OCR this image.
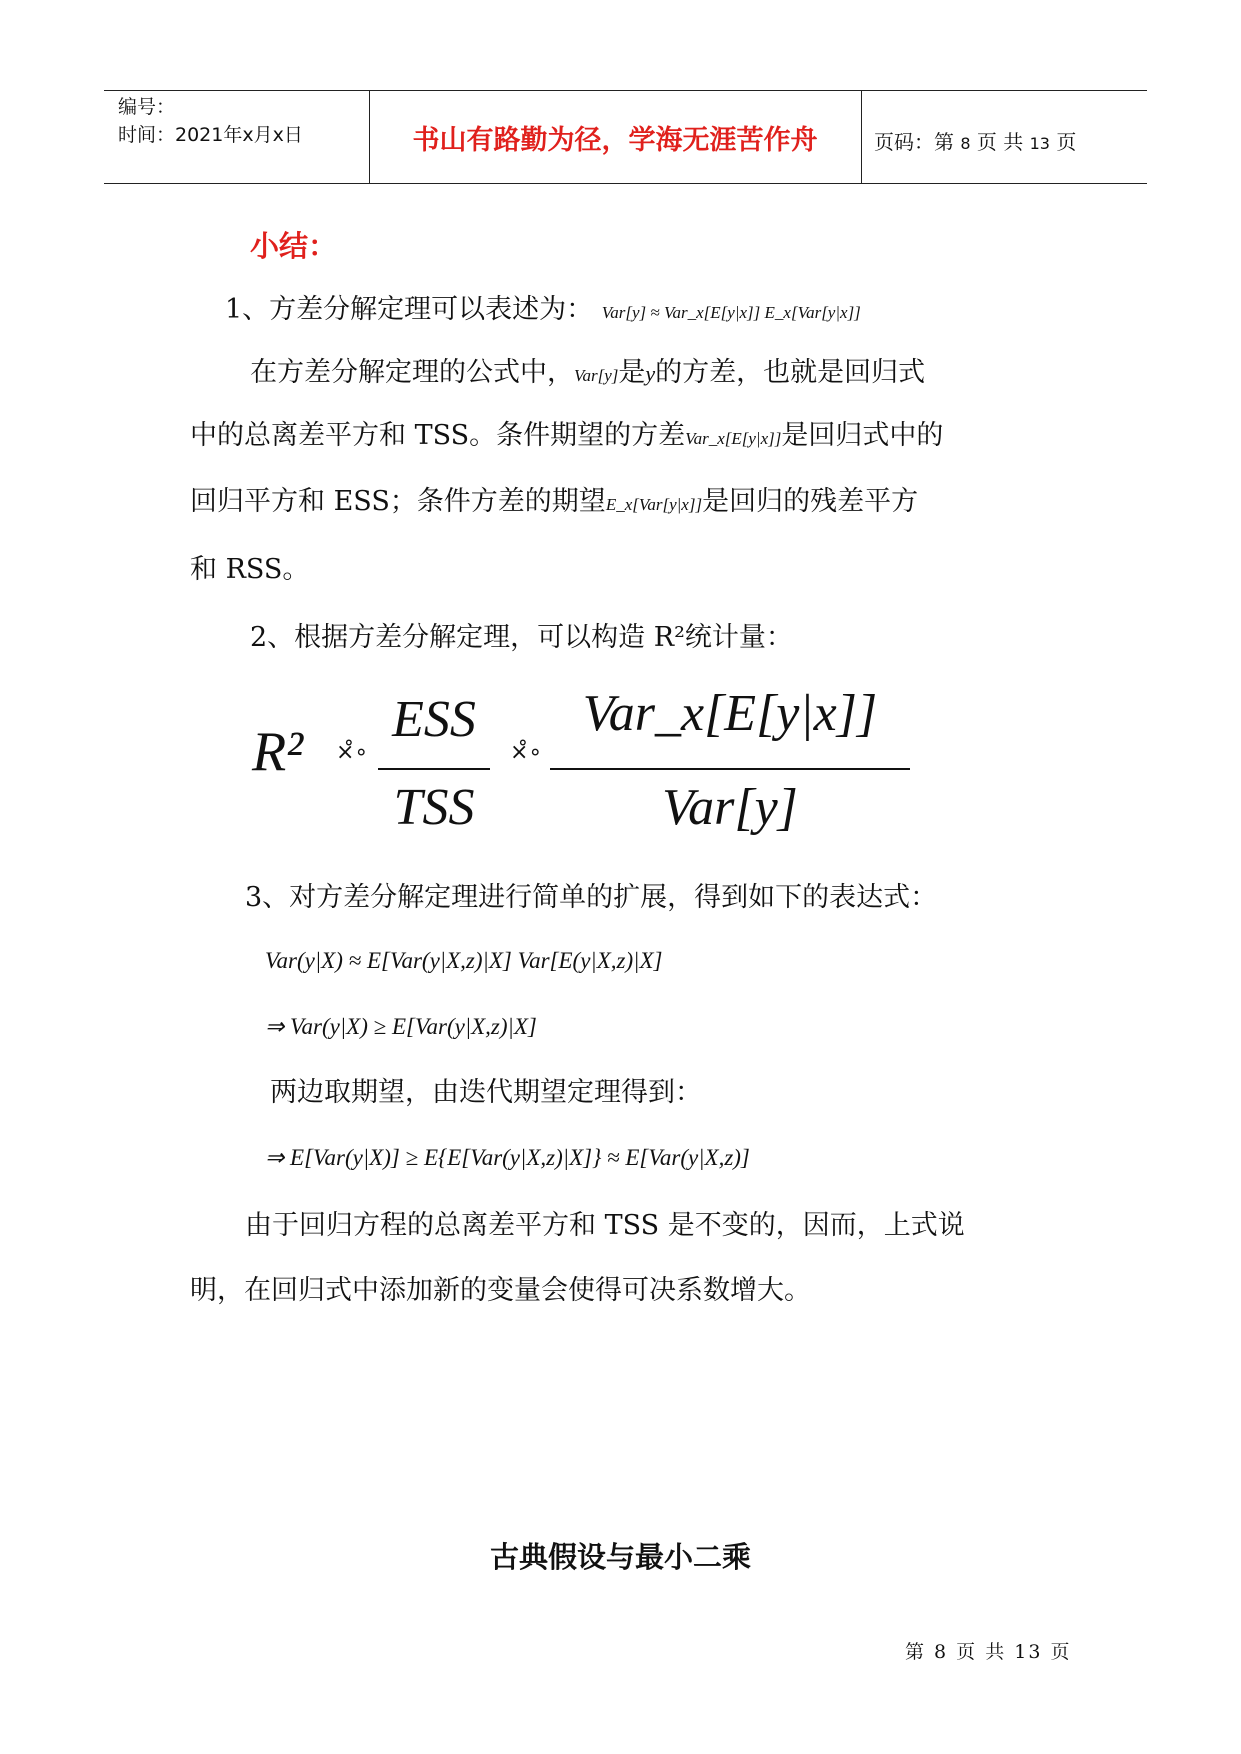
编号：
时间：2021年x月x日	书山有路勤为径，学海无涯苦作舟	页码：第 8 页 共 13 页
小结：
1、方差分解定理可以表述为： Var[y] ≈ Var_x[E[y|x]] E_x[Var[y|x]]
在方差分解定理的公式中，Var[y]是y的方差，也就是回归式
中的总离差平方和 TSS。条件期望的方差Var_x[E[y|x]]是回归式中的
回归平方和 ESS；条件方差的期望E_x[Var[y|x]]是回归的残差平方
和 RSS。
2、根据方差分解定理，可以构造 R²统计量：
R² ×̊∘
ESS
TSS
×̊∘
Var_x[E[y|x]]
Var[y]
3、对方差分解定理进行简单的扩展，得到如下的表达式：
Var(y|X) ≈ E[Var(y|X,z)|X] Var[E(y|X,z)|X]
⇒ Var(y|X) ≥ E[Var(y|X,z)|X]
两边取期望，由迭代期望定理得到：
⇒ E[Var(y|X)] ≥ E{E[Var(y|X,z)|X]} ≈ E[Var(y|X,z)]
由于回归方程的总离差平方和 TSS 是不变的，因而，上式说
明，在回归式中添加新的变量会使得可决系数增大。
古典假设与最小二乘
第 8 页 共 13 页
